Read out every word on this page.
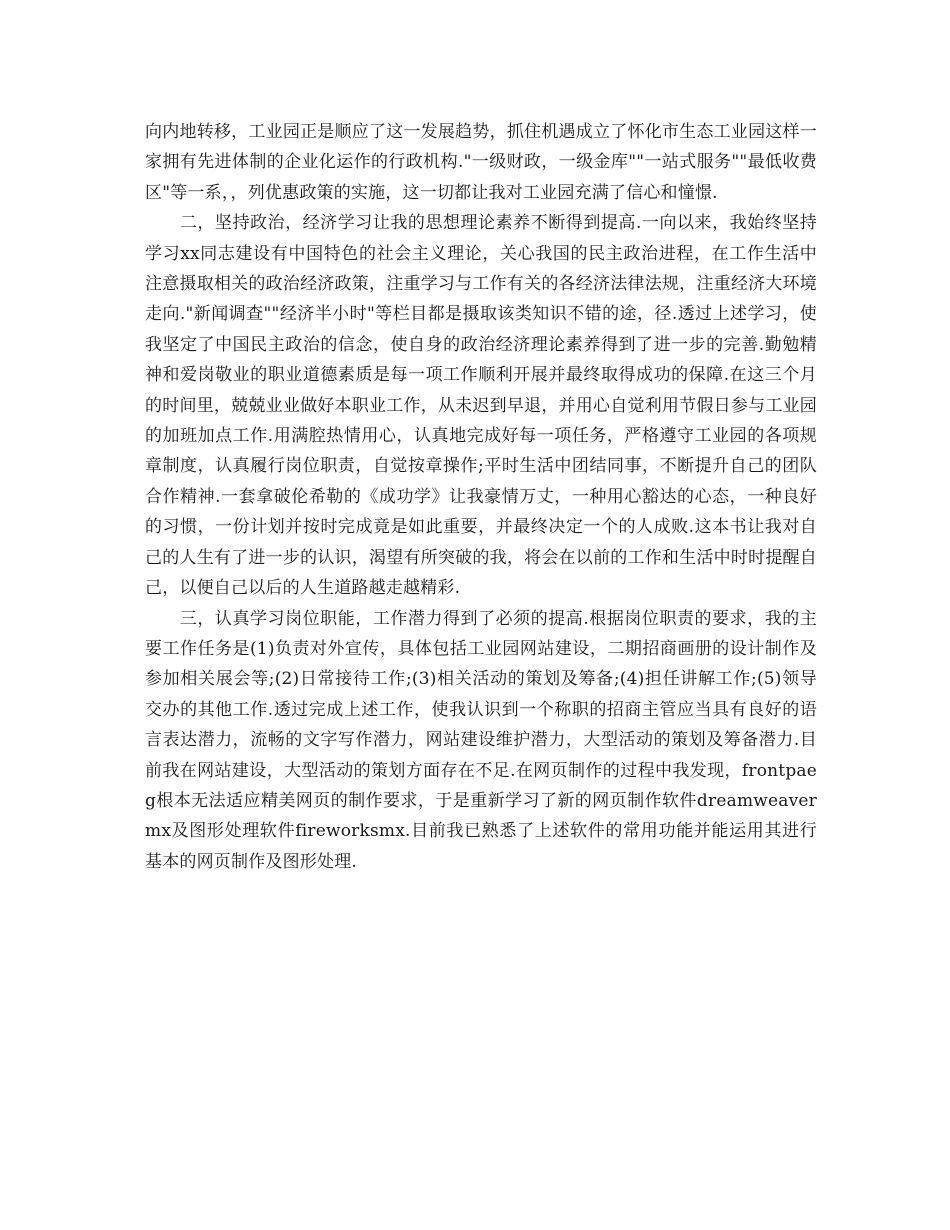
向内地转移，工业园正是顺应了这一发展趋势，抓住机遇成立了怀化市生态工业园这样一家拥有先进体制的企业化运作的行政机构."一级财政，一级金库""一站式服务""最低收费区"等一系，，列优惠政策的实施，这一切都让我对工业园充满了信心和憧憬.

二，坚持政治，经济学习让我的思想理论素养不断得到提高.一向以来，我始终坚持学习xx同志建设有中国特色的社会主义理论，关心我国的民主政治进程，在工作生活中注意摄取相关的政治经济政策，注重学习与工作有关的各经济法律法规，注重经济大环境走向."新闻调查""经济半小时"等栏目都是摄取该类知识不错的途，径.透过上述学习，使我坚定了中国民主政治的信念，使自身的政治经济理论素养得到了进一步的完善.勤勉精神和爱岗敬业的职业道德素质是每一项工作顺利开展并最终取得成功的保障.在这三个月的时间里，兢兢业业做好本职业工作，从未迟到早退，并用心自觉利用节假日参与工业园的加班加点工作.用满腔热情用心，认真地完成好每一项任务，严格遵守工业园的各项规章制度，认真履行岗位职责，自觉按章操作;平时生活中团结同事，不断提升自己的团队合作精神.一套拿破伦希勒的《成功学》让我豪情万丈，一种用心豁达的心态，一种良好的习惯，一份计划并按时完成竟是如此重要，并最终决定一个的人成败.这本书让我对自己的人生有了进一步的认识，渴望有所突破的我，将会在以前的工作和生活中时时提醒自己，以便自己以后的人生道路越走越精彩.

三，认真学习岗位职能，工作潜力得到了必须的提高.根据岗位职责的要求，我的主要工作任务是(1)负责对外宣传，具体包括工业园网站建设，二期招商画册的设计制作及参加相关展会等;(2)日常接待工作;(3)相关活动的策划及筹备;(4)担任讲解工作;(5)领导交办的其他工作.透过完成上述工作，使我认识到一个称职的招商主管应当具有良好的语言表达潜力，流畅的文字写作潜力，网站建设维护潜力，大型活动的策划及筹备潜力.目前我在网站建设，大型活动的策划方面存在不足.在网页制作的过程中我发现，frontpaeg根本无法适应精美网页的制作要求，于是重新学习了新的网页制作软件dreamweavermx及图形处理软件fireworksmx.目前我已熟悉了上述软件的常用功能并能运用其进行基本的网页制作及图形处理.
